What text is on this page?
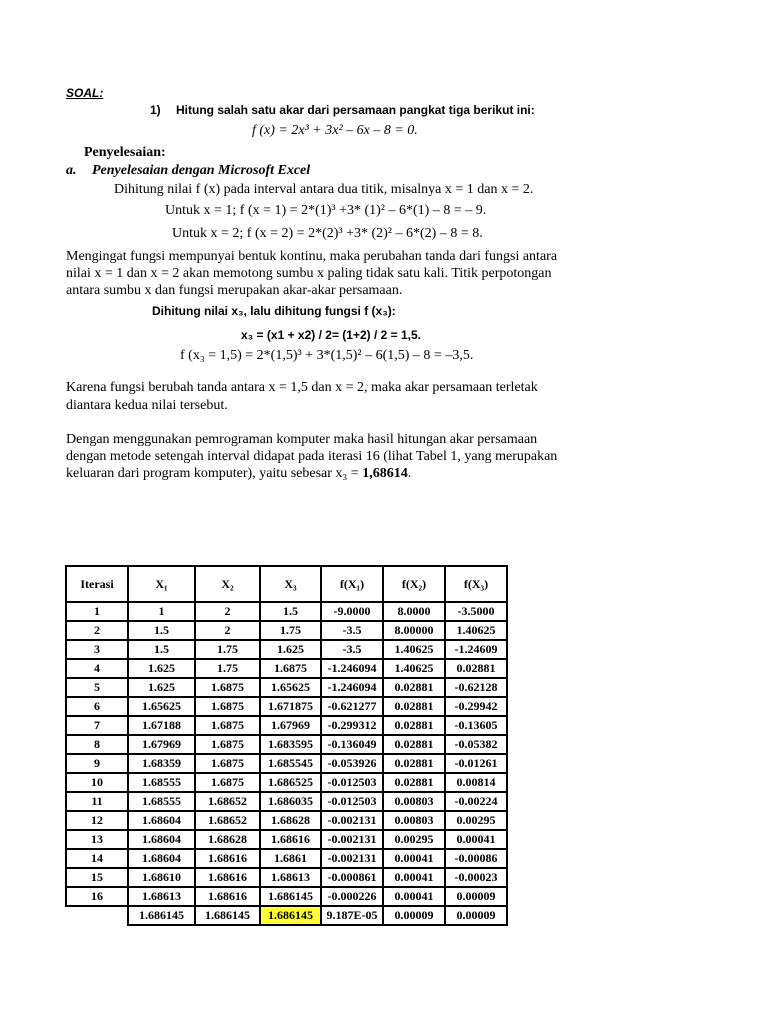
SOAL:
1) Hitung salah satu akar dari persamaan pangkat tiga berikut ini:
f (x) = 2x³ + 3x² – 6x – 8 = 0.
Penyelesaian:
a. Penyelesaian dengan Microsoft Excel
Dihitung nilai f (x) pada interval antara dua titik, misalnya x = 1 dan x = 2.
Untuk x = 1; f (x = 1) = 2*(1)³ +3* (1)² – 6*(1) – 8 = – 9.
Untuk x = 2; f (x = 2) = 2*(2)³ +3* (2)² – 6*(2) – 8 = 8.
Mengingat fungsi mempunyai bentuk kontinu, maka perubahan tanda dari fungsi antara
nilai x = 1 dan x = 2 akan memotong sumbu x paling tidak satu kali. Titik perpotongan
antara sumbu x dan fungsi merupakan akar-akar persamaan.
Dihitung nilai x₃, lalu dihitung fungsi f (x₃):
x₃ = (x1 + x2) / 2= (1+2) / 2 = 1,5.
f (x₃ = 1,5) = 2*(1,5)³ + 3*(1,5)² – 6(1,5) – 8 = –3,5.
Karena fungsi berubah tanda antara x = 1,5 dan x = 2, maka akar persamaan terletak
diantara kedua nilai tersebut.
Dengan menggunakan pemrograman komputer maka hasil hitungan akar persamaan
dengan metode setengah interval didapat pada iterasi 16 (lihat Tabel 1, yang merupakan
keluaran dari program komputer), yaitu sebesar x₃ = 1,68614.
Iterasi	X₁	X₂	X₃	f(X₁)	f(X₂)	f(X₃)
1	1	2	1.5	-9.0000	8.0000	-3.5000
2	1.5	2	1.75	-3.5	8.00000	1.40625
3	1.5	1.75	1.625	-3.5	1.40625	-1.24609
4	1.625	1.75	1.6875	-1.246094	1.40625	0.02881
5	1.625	1.6875	1.65625	-1.246094	0.02881	-0.62128
6	1.65625	1.6875	1.671875	-0.621277	0.02881	-0.29942
7	1.67188	1.6875	1.67969	-0.299312	0.02881	-0.13605
8	1.67969	1.6875	1.683595	-0.136049	0.02881	-0.05382
9	1.68359	1.6875	1.685545	-0.053926	0.02881	-0.01261
10	1.68555	1.6875	1.686525	-0.012503	0.02881	0.00814
11	1.68555	1.68652	1.686035	-0.012503	0.00803	-0.00224
12	1.68604	1.68652	1.68628	-0.002131	0.00803	0.00295
13	1.68604	1.68628	1.68616	-0.002131	0.00295	0.00041
14	1.68604	1.68616	1.6861	-0.002131	0.00041	-0.00086
15	1.68610	1.68616	1.68613	-0.000861	0.00041	-0.00023
16	1.68613	1.68616	1.686145	-0.000226	0.00041	0.00009
	1.686145	1.686145	1.686145	9.187E-05	0.00009	0.00009
